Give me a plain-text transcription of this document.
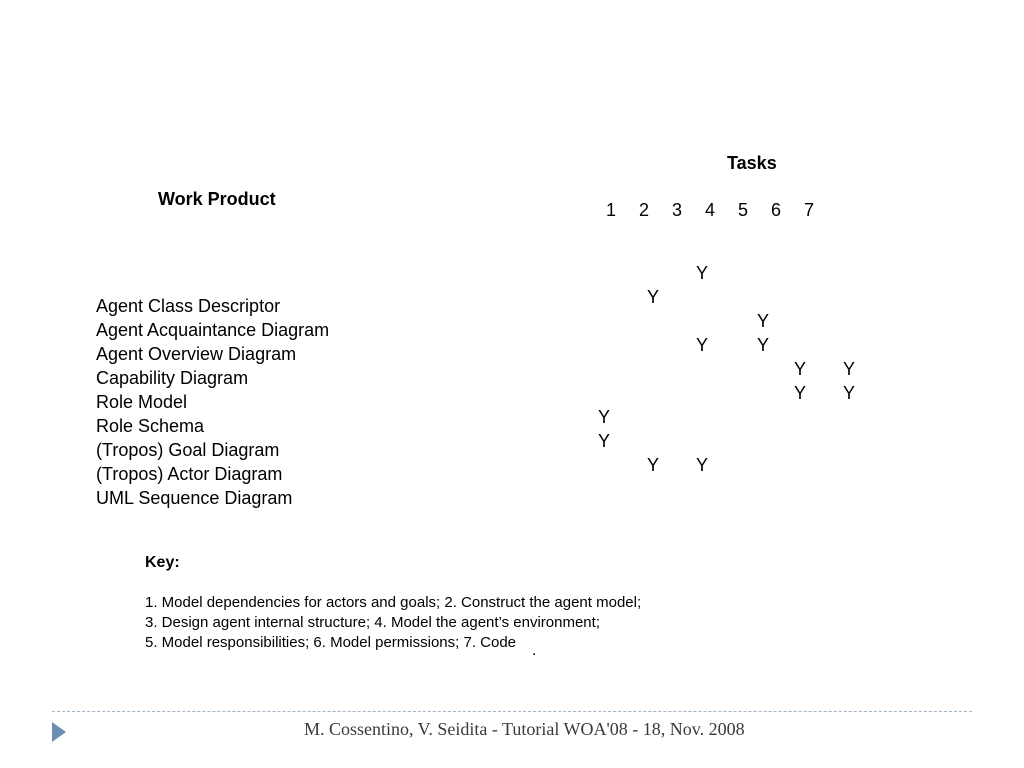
Work Product
Tasks
1 2 3 4 5 6 7
Agent Class Descriptor
Agent Acquaintance Diagram
Agent Overview Diagram
Capability Diagram
Role Model
Role Schema
(Tropos) Goal Diagram
(Tropos) Actor Diagram
UML Sequence Diagram
Y
Y
Y
Y	Y
Y Y
Y Y
Y
Y
Y Y
Key:
1. Model dependencies for actors and goals; 2. Construct the agent model;
3. Design agent internal structure; 4. Model the agent’s environment;
5. Model responsibilities; 6. Model permissions; 7. Code .
M. Cossentino, V. Seidita - Tutorial WOA'08 - 18, Nov. 2008
